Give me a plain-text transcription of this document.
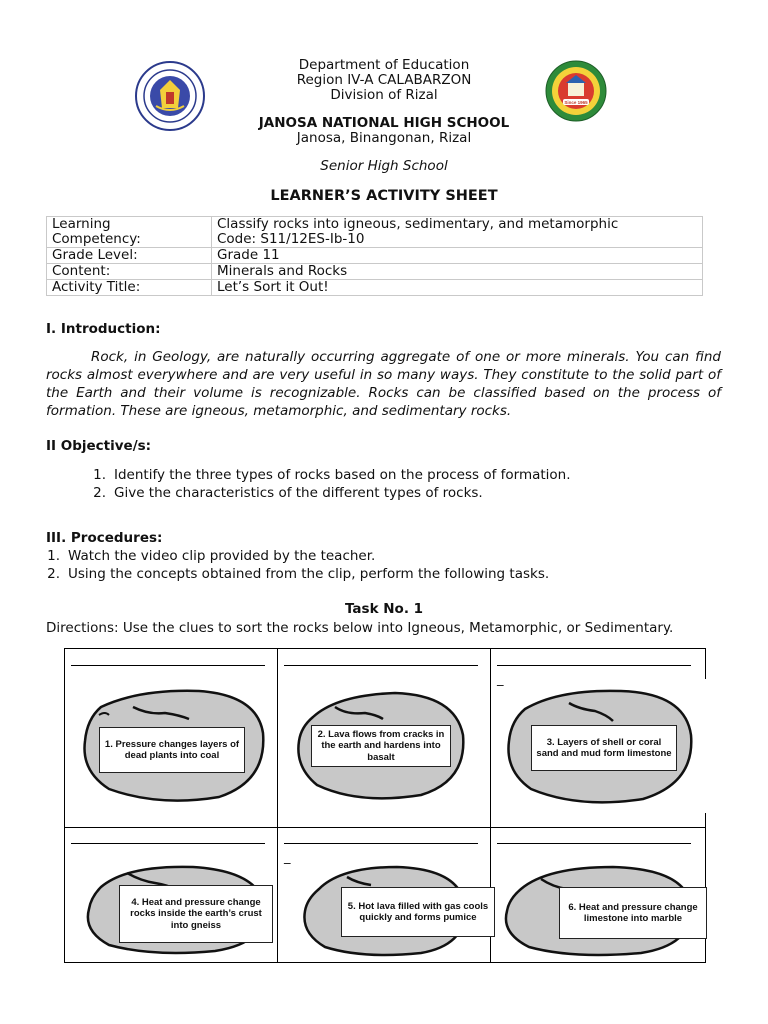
Since 1965
Department of Education
Region IV-A CALABARZON
Division of Rizal
JANOSA NATIONAL HIGH SCHOOL
Janosa, Binangonan, Rizal
Senior High School
LEARNER’S ACTIVITY SHEET
Learning
Competency:	Classify rocks into igneous, sedimentary, and metamorphic
Code: S11/12ES-Ib-10
Grade Level:	Grade 11
Content:	Minerals and Rocks
Activity Title:	Let’s Sort it Out!
I. Introduction:
Rock, in Geology, are naturally occurring aggregate of one or more minerals. You can find rocks almost everywhere and are very useful in so many ways. They constitute to the solid part of the Earth and their volume is recognizable. Rocks can be classified based on the process of formation. These are igneous, metamorphic, and sedimentary rocks.
II Objective/s:
1. Identify the three types of rocks based on the process of formation.
2. Give the characteristics of the different types of rocks.
III. Procedures:
1. Watch the video clip provided by the teacher.
2. Using the concepts obtained from the clip, perform the following tasks.
Task No. 1
Directions: Use the clues to sort the rocks below into Igneous, Metamorphic, or Sedimentary.
_
_
1. Pressure changes layers of dead plants into coal
2. Lava flows from cracks in the earth and hardens into basalt
3. Layers of shell or coral sand and mud form limestone
4. Heat and pressure change rocks inside the earth’s crust into gneiss
5. Hot lava filled with gas cools quickly and forms pumice
6. Heat and pressure change limestone into marble
